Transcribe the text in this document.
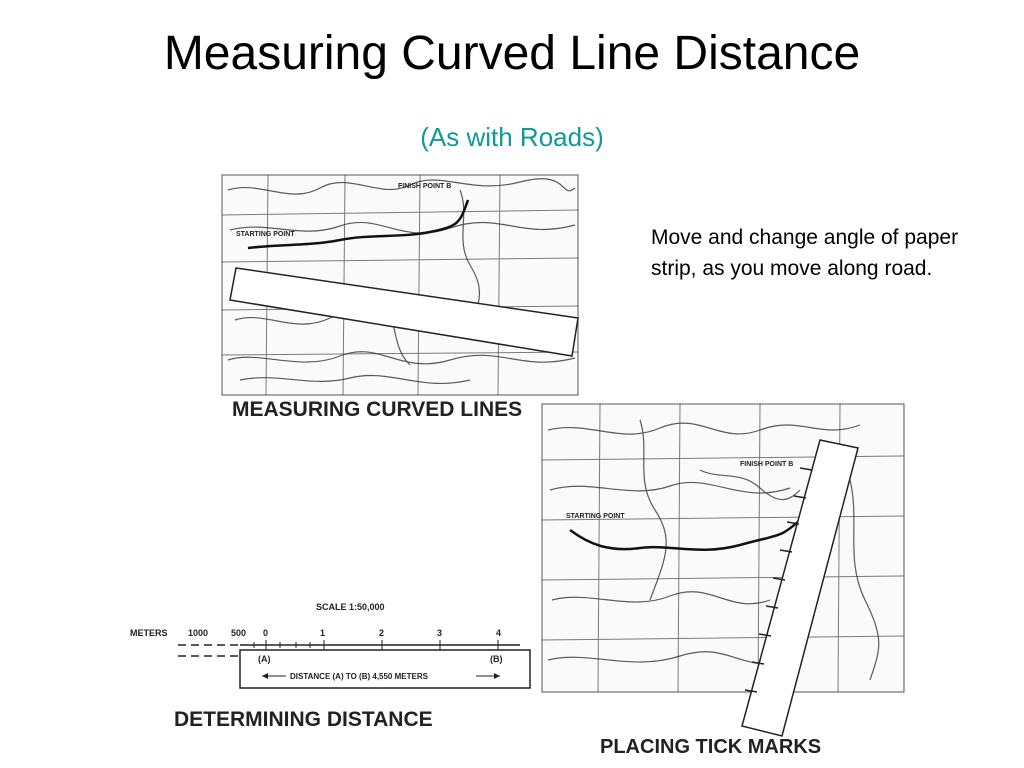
Measuring Curved Line Distance
(As with Roads)
Move and change angle of paper strip, as you move along road.
STARTING POINT
FINISH POINT B
SCALE 1:50,000
METERS 1000	500 0	1	2	3	4
(A)	(B)
DISTANCE (A) TO (B) 4,550 METERS
STARTING POINT
FINISH POINT B
MEASURING CURVED LINES
DETERMINING DISTANCE
PLACING TICK MARKS
